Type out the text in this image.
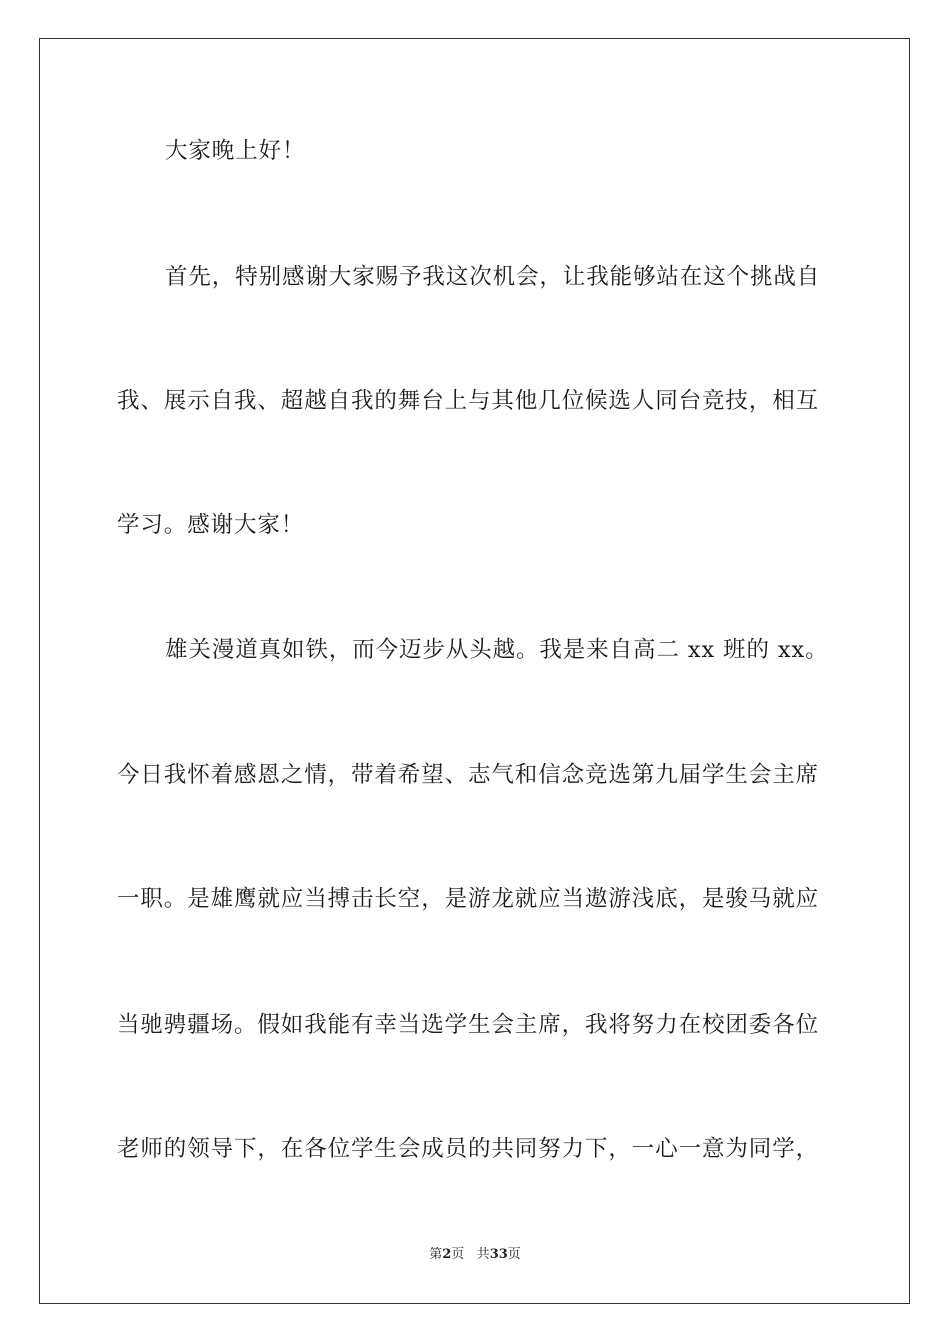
大家晚上好！
首先，特别感谢大家赐予我这次机会，让我能够站在这个挑战自
我、展示自我、超越自我的舞台上与其他几位候选人同台竞技，相互
学习。感谢大家！
雄关漫道真如铁，而今迈步从头越。我是来自高二 xx 班的 xx。
今日我怀着感恩之情，带着希望、志气和信念竞选第九届学生会主席
一职。是雄鹰就应当搏击长空，是游龙就应当遨游浅底，是骏马就应
当驰骋疆场。假如我能有幸当选学生会主席，我将努力在校团委各位
老师的领导下，在各位学生会成员的共同努力下，一心一意为同学，
第2页 共33页
